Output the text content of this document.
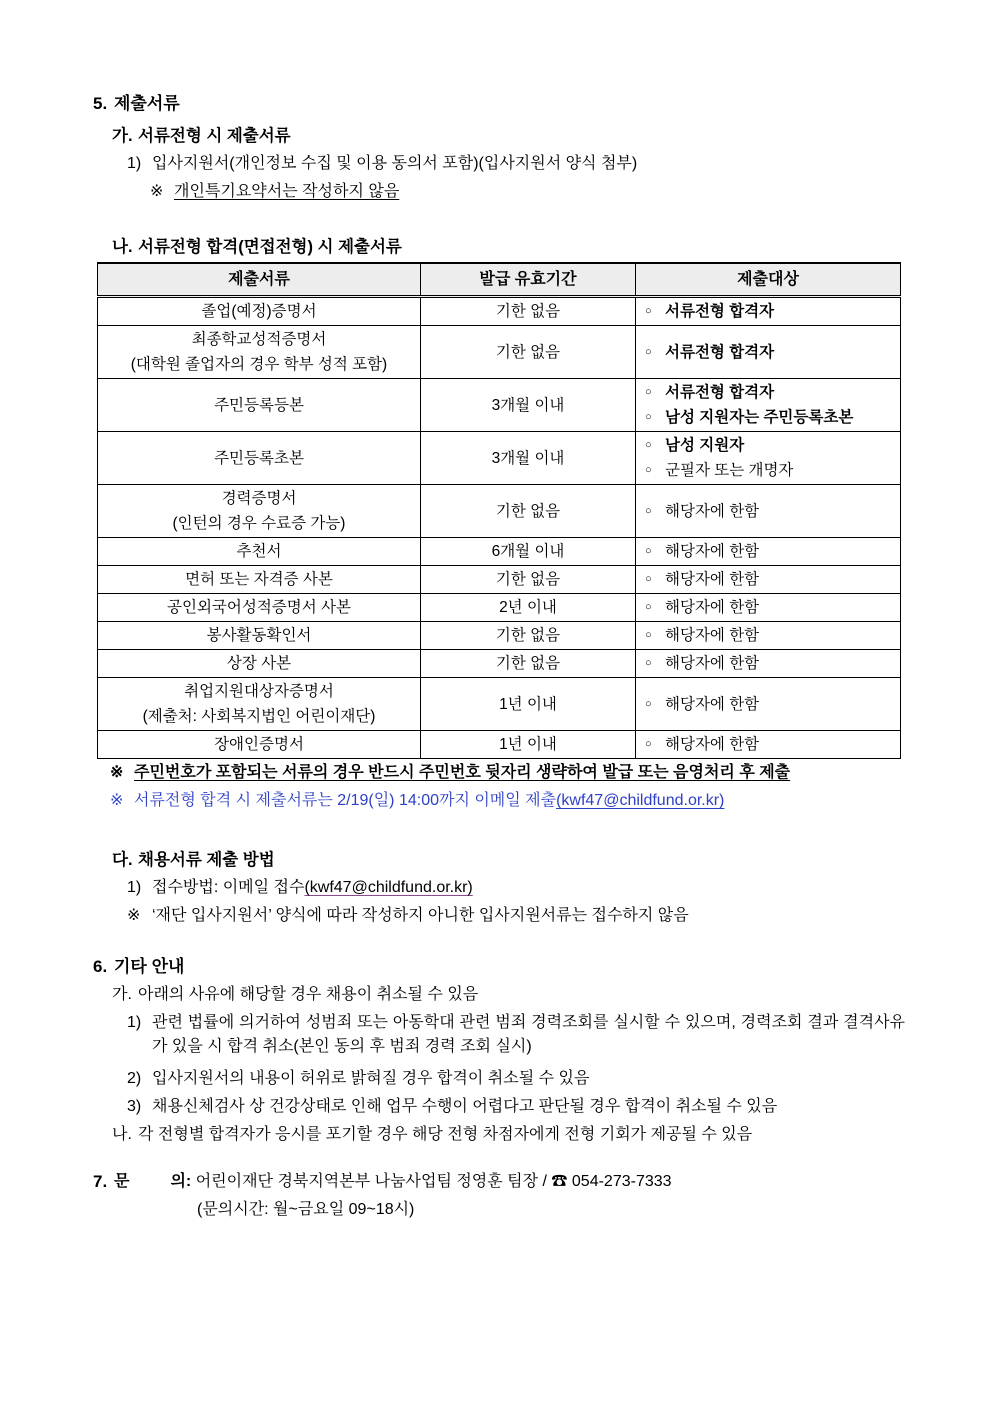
5. 제출서류
가. 서류전형 시 제출서류
1) 입사지원서(개인정보 수집 및 이용 동의서 포함)(입사지원서 양식 첨부)
※ 개인특기요약서는 작성하지 않음
나. 서류전형 합격(면접전형) 시 제출서류
제출서류	발급 유효기간	제출대상

졸업(예정)증명서	기한 없음	○ 서류전형 합격자

최종학교성적증명서
(대학원 졸업자의 경우 학부 성적 포함)
	기한 없음	○ 서류전형 합격자

주민등록등본	3개월 이내	○ 서류전형 합격자
○ 남성 지원자는 주민등록초본

주민등록초본	3개월 이내	○ 남성 지원자
○ 군필자 또는 개명자

경력증명서
(인턴의 경우 수료증 가능)
	기한 없음	○ 해당자에 한함

추천서	6개월 이내	○ 해당자에 한함

면허 또는 자격증 사본	기한 없음	○ 해당자에 한함

공인외국어성적증명서 사본	2년 이내	○ 해당자에 한함

봉사활동확인서	기한 없음	○ 해당자에 한함

상장 사본	기한 없음	○ 해당자에 한함

취업지원대상자증명서
(제출처: 사회복지법인 어린이재단)
	1년 이내	○ 해당자에 한함

장애인증명서	1년 이내	○ 해당자에 한함
※ 주민번호가 포함되는 서류의 경우 반드시 주민번호 뒷자리 생략하여 발급 또는 음영처리 후 제출
※ 서류전형 합격 시 제출서류는 2/19(일) 14:00까지 이메일 제출(kwf47@childfund.or.kr)
다. 채용서류 제출 방법
1) 접수방법: 이메일 접수(kwf47@childfund.or.kr)
※ ‘재단 입사지원서’ 양식에 따라 작성하지 아니한 입사지원서류는 접수하지 않음
6. 기타 안내
가. 아래의 사유에 해당할 경우 채용이 취소될 수 있음
1) 관련 법률에 의거하여 성범죄 또는 아동학대 관련 범죄 경력조회를 실시할 수 있으며, 경력조회 결과 결격사유가 있을 시 합격 취소(본인 동의 후 범죄 경력 조회 실시)
2) 입사지원서의 내용이 허위로 밝혀질 경우 합격이 취소될 수 있음
3) 채용신체검사 상 건강상태로 인해 업무 수행이 어렵다고 판단될 경우 합격이 취소될 수 있음
나. 각 전형별 합격자가 응시를 포기할 경우 해당 전형 차점자에게 전형 기회가 제공될 수 있음
7. 문	의: 어린이재단 경북지역본부 나눔사업팀 정영훈 팀장 / ☎ 054-273-7333
(문의시간: 월~금요일 09~18시)
